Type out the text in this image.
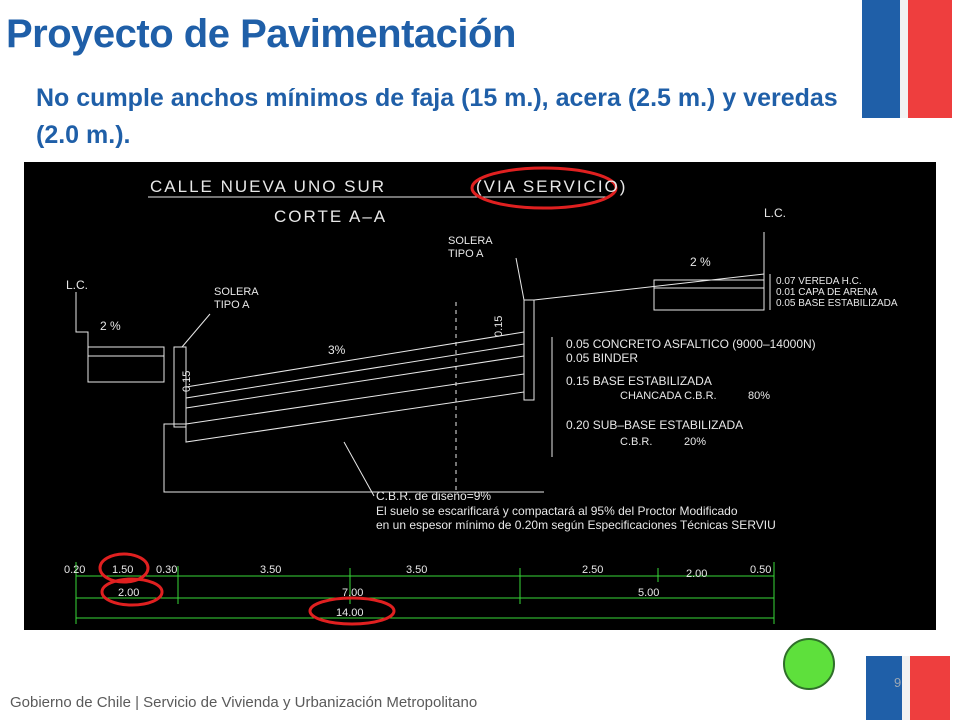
Proyecto de Pavimentación
No cumple anchos mínimos de faja (15 m.), acera (2.5 m.) y veredas (2.0 m.).
CALLE NUEVA UNO SUR	(VIA SERVICIO)
CORTE A–A
L.C.
L.C.
SOLERA
TIPO A
SOLERA
TIPO A
2 %
2 %
3%
0.15
0.15
0.07 VEREDA H.C.
0.01 CAPA DE ARENA
0.05 BASE ESTABILIZADA
0.05 CONCRETO ASFALTICO (9000–14000N)
0.05 BINDER
0.15 BASE ESTABILIZADA
CHANCADA C.B.R.	80%
0.20 SUB–BASE ESTABILIZADA
C.B.R.	20%
C.B.R. de diseño=9%
El suelo se escarificará y compactará al 95% del Proctor Modificado
en un espesor mínimo de 0.20m según Especificaciones Técnicas SERVIU
0.20 1.50 0.30	3.50	3.50	2.50	2.00	0.50
2.00	7.00	5.00
14.00
9
Gobierno de Chile | Servicio de Vivienda y Urbanización Metropolitano
